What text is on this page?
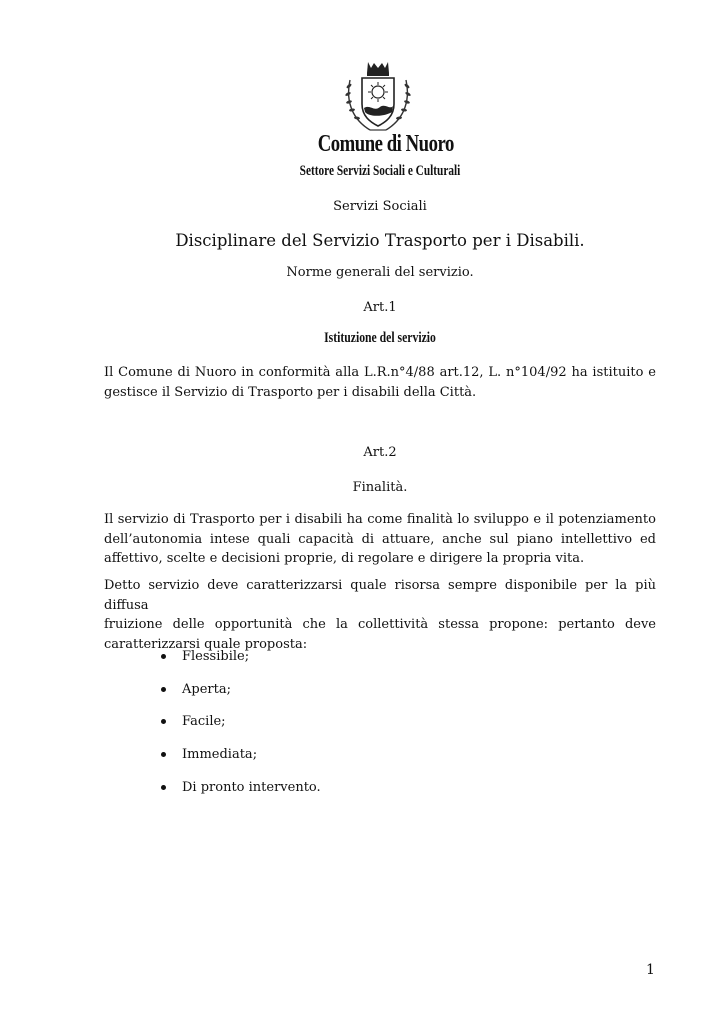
Comune di Nuoro
Settore Servizi Sociali e Culturali
Servizi Sociali
Disciplinare del Servizio Trasporto per i Disabili.
Norme generali del servizio.
Art.1
Istituzione del servizio
Il Comune di Nuoro in conformità alla L.R.n°4/88 art.12, L. n°104/92 ha istituito e
gestisce il Servizio di Trasporto per i disabili della Città.
Art.2
Finalità.
Il servizio di Trasporto per i disabili ha come finalità lo sviluppo e il potenziamento
dell’autonomia intese quali capacità di attuare, anche sul piano intellettivo ed
affettivo, scelte e decisioni proprie, di regolare e dirigere la propria vita.
Detto servizio deve caratterizzarsi quale risorsa sempre disponibile per la più diffusa
fruizione delle opportunità che la collettività stessa propone: pertanto deve
caratterizzarsi quale proposta:
Flessibile;
Aperta;
Facile;
Immediata;
Di pronto intervento.
1
